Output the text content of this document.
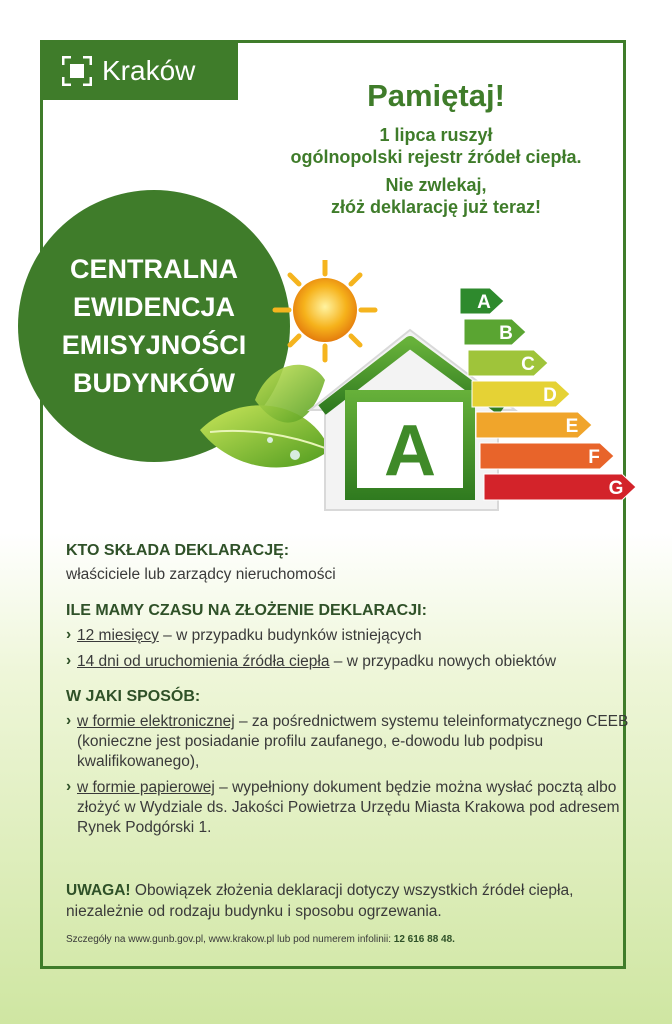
Kraków
Pamiętaj!
1 lipca ruszył
ogólnopolski rejestr źródeł ciepła.
Nie zwlekaj,
złóż deklarację już teraz!
CENTRALNA
EWIDENCJA
EMISYJNOŚCI
BUDYNKÓW
A
A
B
C
D
E
F
G
KTO SKŁADA DEKLARACJĘ:
właściciele lub zarządcy nieruchomości
ILE MAMY CZASU NA ZŁOŻENIE DEKLARACJI:
› 12 miesięcy – w przypadku budynków istniejących
› 14 dni od uruchomienia źródła ciepła – w przypadku nowych obiektów
W JAKI SPOSÓB:
› w formie elektronicznej – za pośrednictwem systemu teleinformatycznego CEEB (konieczne jest posiadanie profilu zaufanego, e-dowodu lub podpisu kwalifikowanego),
› w formie papierowej – wypełniony dokument będzie można wysłać pocztą albo złożyć w Wydziale ds. Jakości Powietrza Urzędu Miasta Krakowa pod adresem Rynek Podgórski 1.
UWAGA! Obowiązek złożenia deklaracji dotyczy wszystkich źródeł ciepła, niezależnie od rodzaju budynku i sposobu ogrzewania.
Szczegóły na www.gunb.gov.pl, www.krakow.pl lub pod numerem infolinii: 12 616 88 48.
